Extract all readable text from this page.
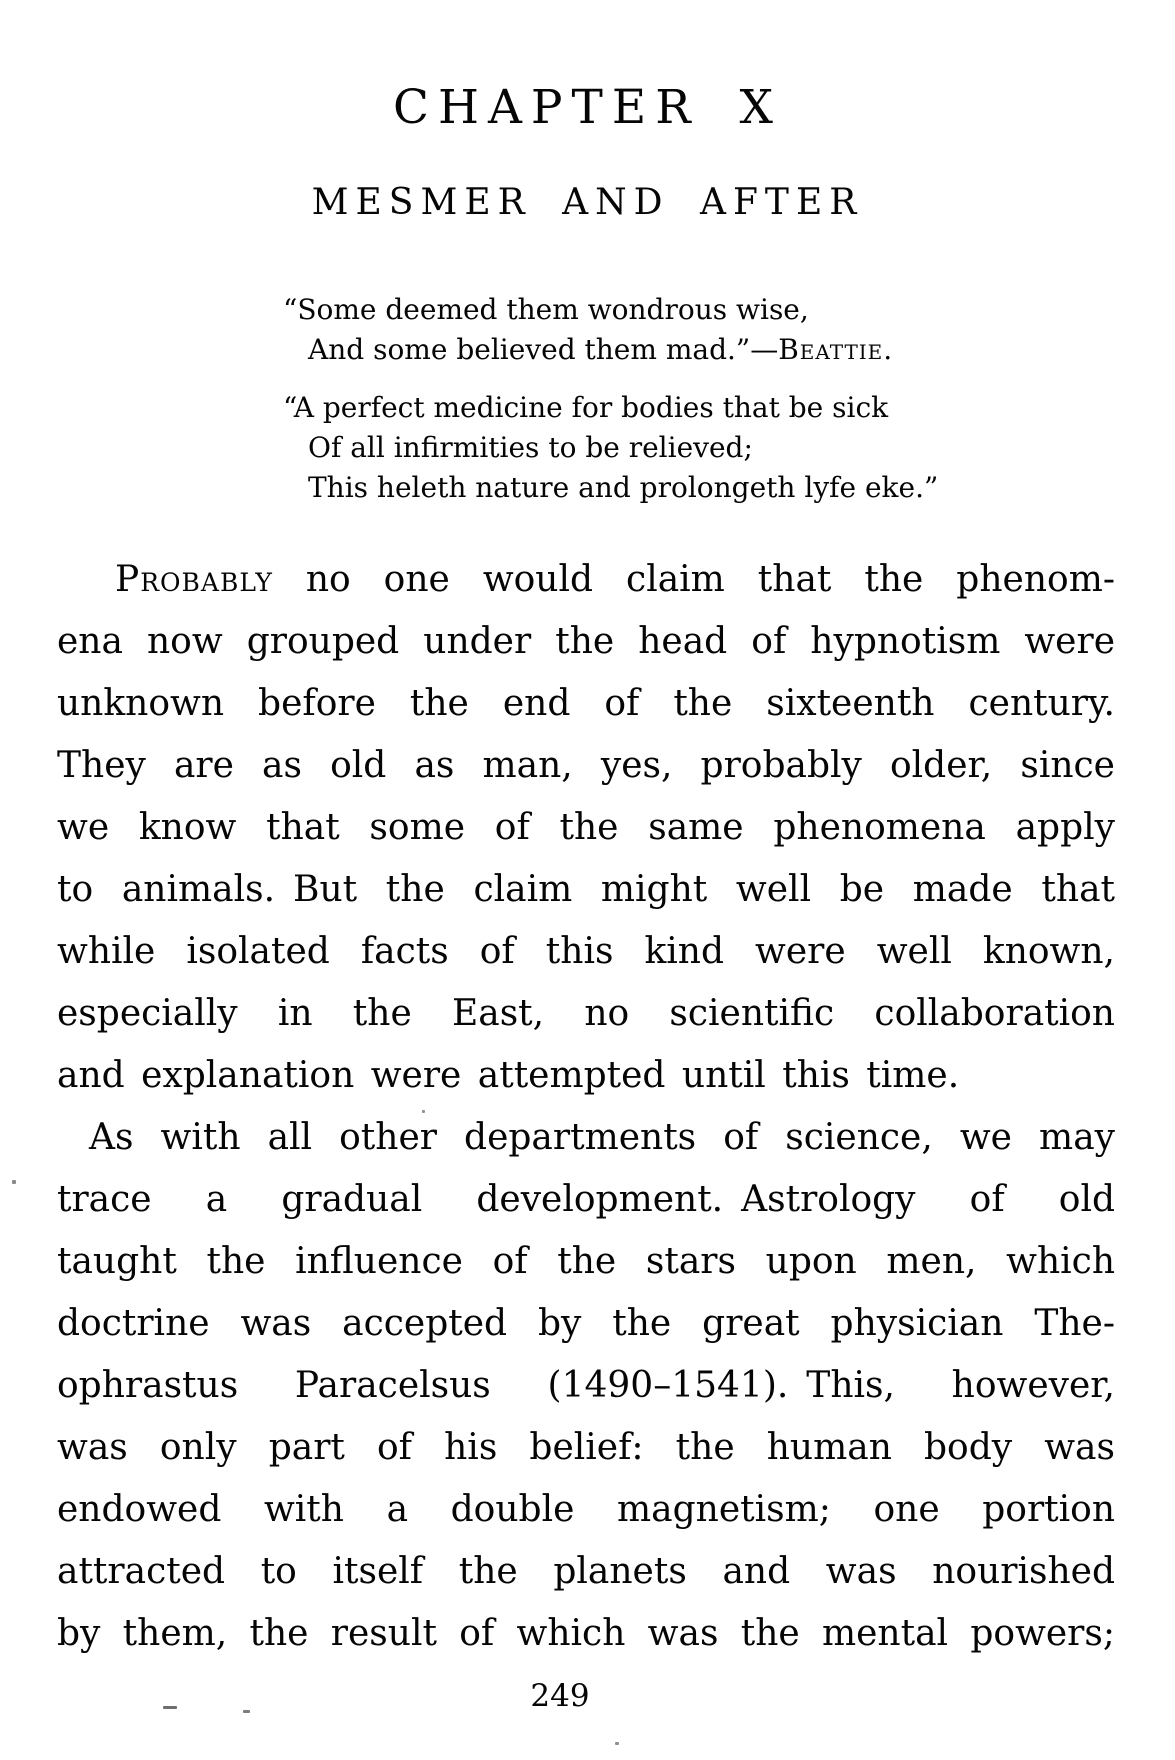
CHAPTER X
MESMER AND AFTER
“Some deemed them wondrous wise,
And some believed them mad.”—Beattie.
“A perfect medicine for bodies that be sick
Of all infirmities to be relieved;
This heleth nature and prolongeth lyfe eke.”
Probably no one would claim that the phenom-
ena now grouped under the head of hypnotism were
unknown before the end of the sixteenth century.
They are as old as man, yes, probably older, since
we know that some of the same phenomena apply
to animals. But the claim might well be made that
while isolated facts of this kind were well known,
especially in the East, no scientific collaboration
and explanation were attempted until this time.
As with all other departments of science, we may
trace a gradual development. Astrology of old
taught the influence of the stars upon men, which
doctrine was accepted by the great physician The-
ophrastus Paracelsus (1490–1541). This, however,
was only part of his belief: the human body was
endowed with a double magnetism; one portion
attracted to itself the planets and was nourished
by them, the result of which was the mental powers;
249
